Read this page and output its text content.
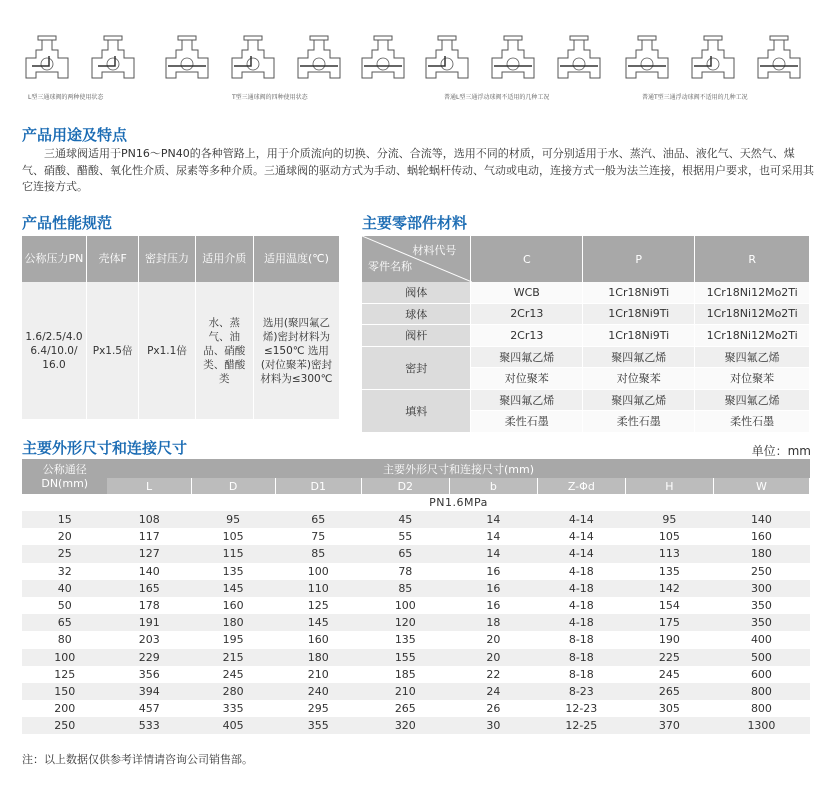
L型三通球阀的两种使用状态	T型三通球阀的四种使用状态	普通L型三通浮动球阀不适用的几种工况	普通T型三通浮动球阀不适用的几种工况
产品用途及特点
三通球阀适用于PN16～PN40的各种管路上，用于介质流向的切换、分流、合流等，选用不同的材质，可分别适用于水、蒸汽、油品、液化气、天然气、煤气、硝酸、醋酸、氧化性介质、尿素等多种介质。三通球阀的驱动方式为手动、蜗轮蜗杆传动、气动或电动，连接方式一般为法兰连接，根据用户要求，也可采用其它连接方式。
产品性能规范
公称压力PN	壳体F	密封压力	适用介质	适用温度(℃)
1.6/2.5/4.0 6.4/10.0/ 16.0	Px1.5倍	Px1.1倍	水、蒸气、油品、硝酸类、醋酸类	选用(聚四氟乙烯)密封材料为≤150℃ 选用(对位聚苯)密封材料为≤300℃
主要零部件材料
材料代号
零件名称	C	P	R
阀体	WCB	1Cr18Ni9Ti	1Cr18Ni12Mo2Ti
球体	2Cr13	1Cr18Ni9Ti	1Cr18Ni12Mo2Ti
阀杆	2Cr13	1Cr18Ni9Ti	1Cr18Ni12Mo2Ti
密封	聚四氟乙烯	聚四氟乙烯	聚四氟乙烯
	对位聚苯	对位聚苯	对位聚苯
填料	聚四氟乙烯	聚四氟乙烯	聚四氟乙烯
	柔性石墨	柔性石墨	柔性石墨
主要外形尺寸和连接尺寸	单位：mm
公称通径DN(mm)	主要外形尺寸和连接尺寸(mm)							
	L	D	D1	D2	b	Z-Φd	H	W
	PN1.6MPa							
15	108	95	65	45	14	4-14	95	140
20	117	105	75	55	14	4-14	105	160
25	127	115	85	65	14	4-14	113	180
32	140	135	100	78	16	4-18	135	250
40	165	145	110	85	16	4-18	142	300
50	178	160	125	100	16	4-18	154	350
65	191	180	145	120	18	4-18	175	350
80	203	195	160	135	20	8-18	190	400
100	229	215	180	155	20	8-18	225	500
125	356	245	210	185	22	8-18	245	600
150	394	280	240	210	24	8-23	265	800
200	457	335	295	265	26	12-23	305	800
250	533	405	355	320	30	12-25	370	1300
注：以上数据仅供参考详情请咨询公司销售部。
